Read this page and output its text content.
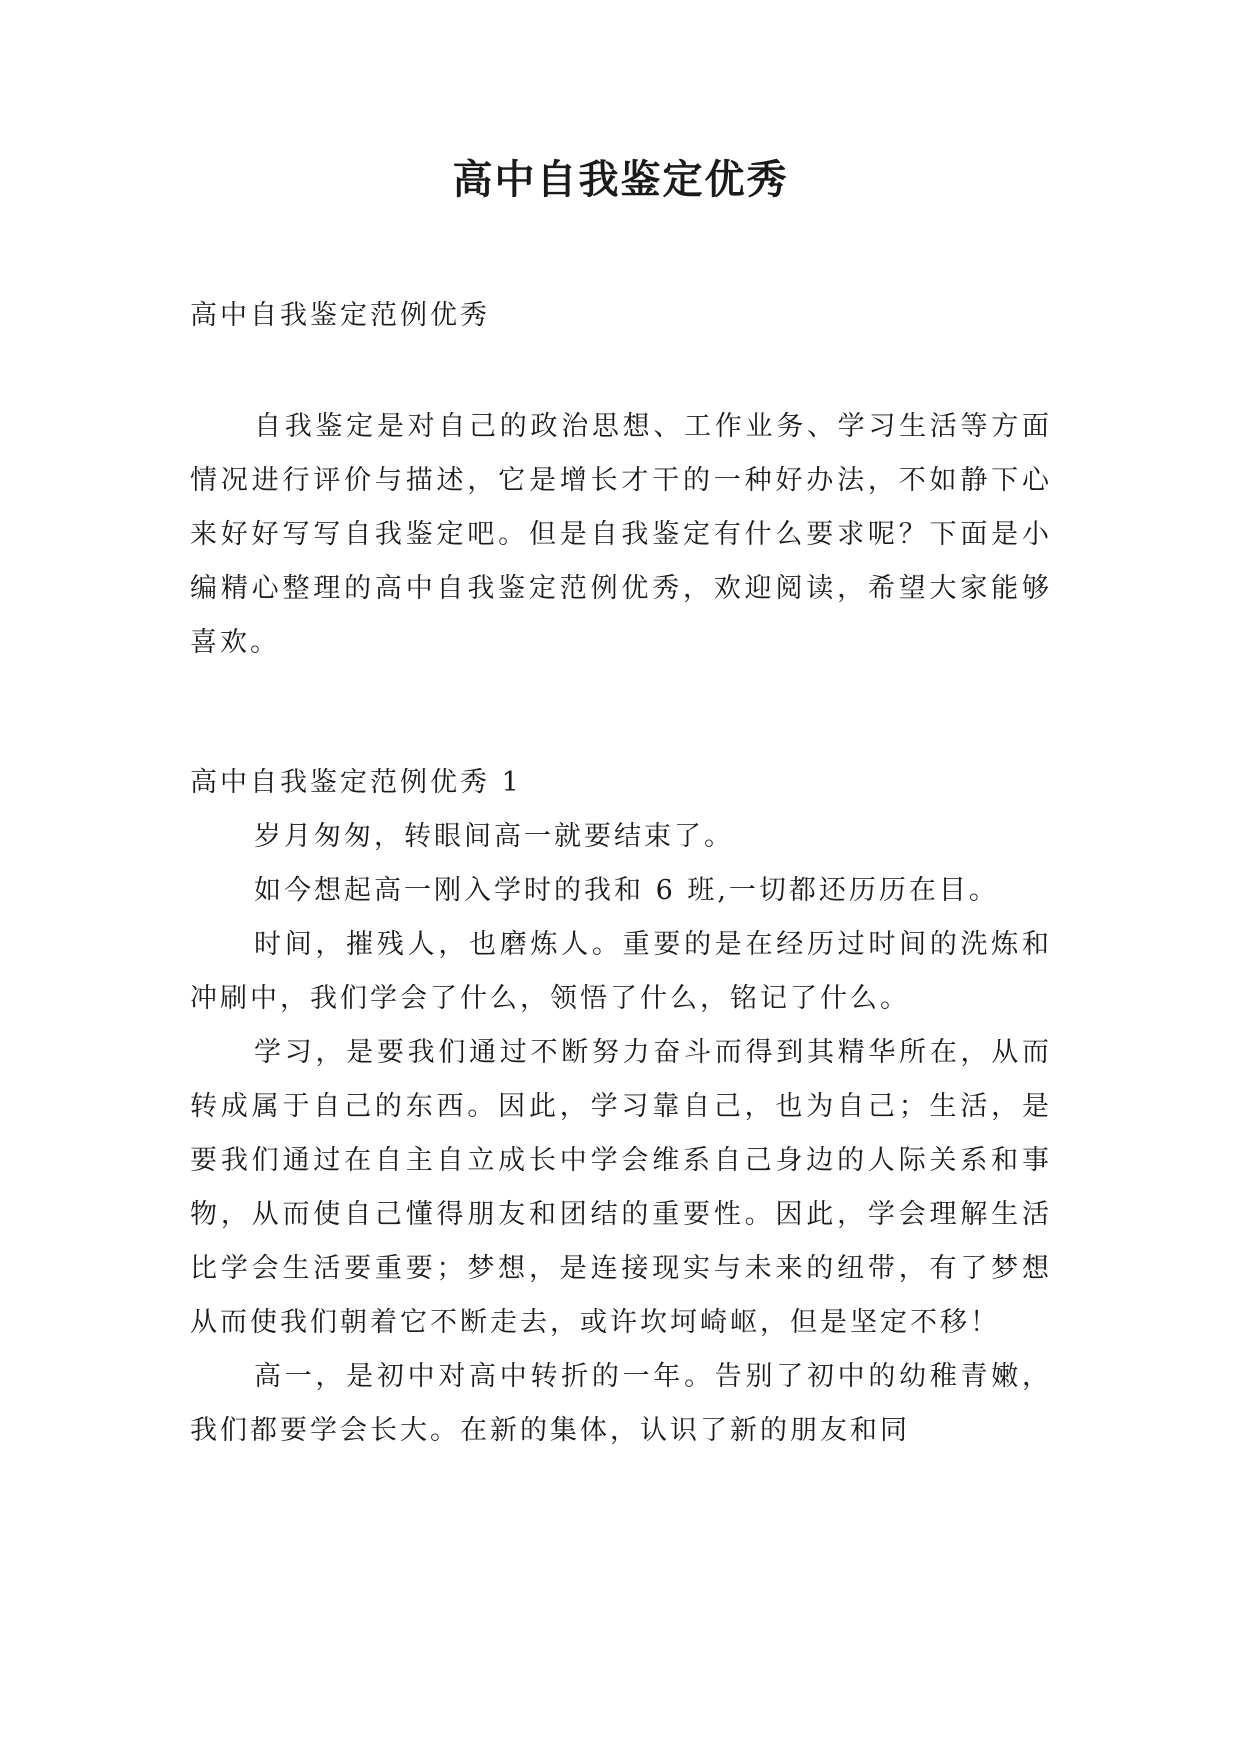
高中自我鉴定优秀

高中自我鉴定范例优秀

自我鉴定是对自己的政治思想、工作业务、学习生活等方面情况进行评价与描述，它是增长才干的一种好办法，不如静下心来好好写写自我鉴定吧。但是自我鉴定有什么要求呢？下面是小编精心整理的高中自我鉴定范例优秀，欢迎阅读，希望大家能够喜欢。

高中自我鉴定范例优秀 1

岁月匆匆，转眼间高一就要结束了。

如今想起高一刚入学时的我和 6 班,一切都还历历在目。

时间，摧残人，也磨炼人。重要的是在经历过时间的洗炼和冲刷中，我们学会了什么，领悟了什么，铭记了什么。

学习，是要我们通过不断努力奋斗而得到其精华所在，从而转成属于自己的东西。因此，学习靠自己，也为自己；生活，是要我们通过在自主自立成长中学会维系自己身边的人际关系和事物，从而使自己懂得朋友和团结的重要性。因此，学会理解生活比学会生活要重要；梦想，是连接现实与未来的纽带，有了梦想从而使我们朝着它不断走去，或许坎坷崎岖，但是坚定不移！

高一，是初中对高中转折的一年。告别了初中的幼稚青嫩，我们都要学会长大。在新的集体，认识了新的朋友和同
